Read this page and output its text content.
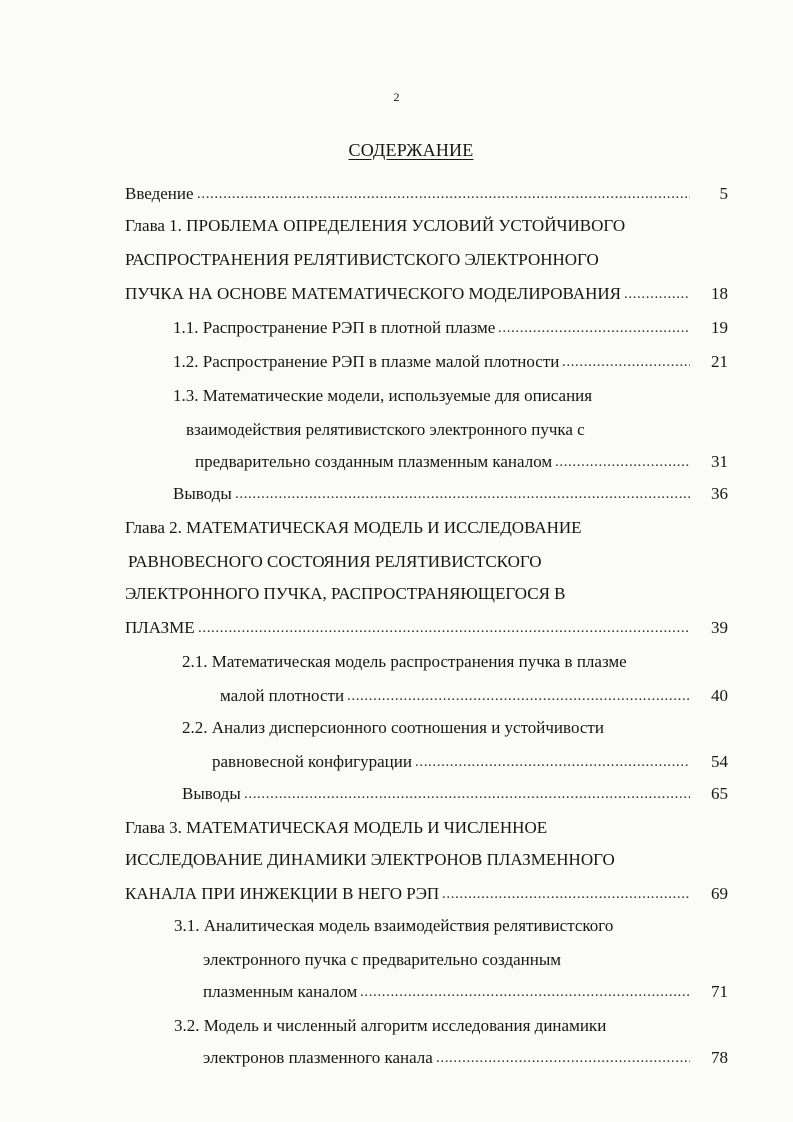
2
СОДЕРЖАНИЕ
Введение	5
.....
Глава 1. ПРОБЛЕМА ОПРЕДЕЛЕНИЯ УСЛОВИЙ УСТОЙЧИВОГО
РАСПРОСТРАНЕНИЯ РЕЛЯТИВИСТСКОГО ЭЛЕКТРОННОГО
ПУЧКА НА ОСНОВЕ МАТЕМАТИЧЕСКОГО МОДЕЛИРОВАНИЯ	18
.....
1.1. Распространение РЭП в плотной плазме	19
.....
1.2. Распространение РЭП в плазме малой плотности	21
.....
1.3. Математические модели, используемые для описания
взаимодействия релятивистского электронного пучка с
предварительно созданным плазменным каналом	31
.....
Выводы	36
.....
Глава 2. МАТЕМАТИЧЕСКАЯ МОДЕЛЬ И ИССЛЕДОВАНИЕ
РАВНОВЕСНОГО СОСТОЯНИЯ РЕЛЯТИВИСТСКОГО
ЭЛЕКТРОННОГО ПУЧКА, РАСПРОСТРАНЯЮЩЕГОСЯ В
ПЛАЗМЕ	39
.....
2.1. Математическая модель распространения пучка в плазме
малой плотности	40
.....
2.2. Анализ дисперсионного соотношения и устойчивости
равновесной конфигурации	54
.....
Выводы	65
.....
Глава 3. МАТЕМАТИЧЕСКАЯ МОДЕЛЬ И ЧИСЛЕННОЕ
ИССЛЕДОВАНИЕ ДИНАМИКИ ЭЛЕКТРОНОВ ПЛАЗМЕННОГО
КАНАЛА ПРИ ИНЖЕКЦИИ В НЕГО РЭП	69
.....
3.1. Аналитическая модель взаимодействия релятивистского
электронного пучка с предварительно созданным
плазменным каналом	71
.....
3.2. Модель и численный алгоритм исследования динамики
электронов плазменного канала	78
.....
